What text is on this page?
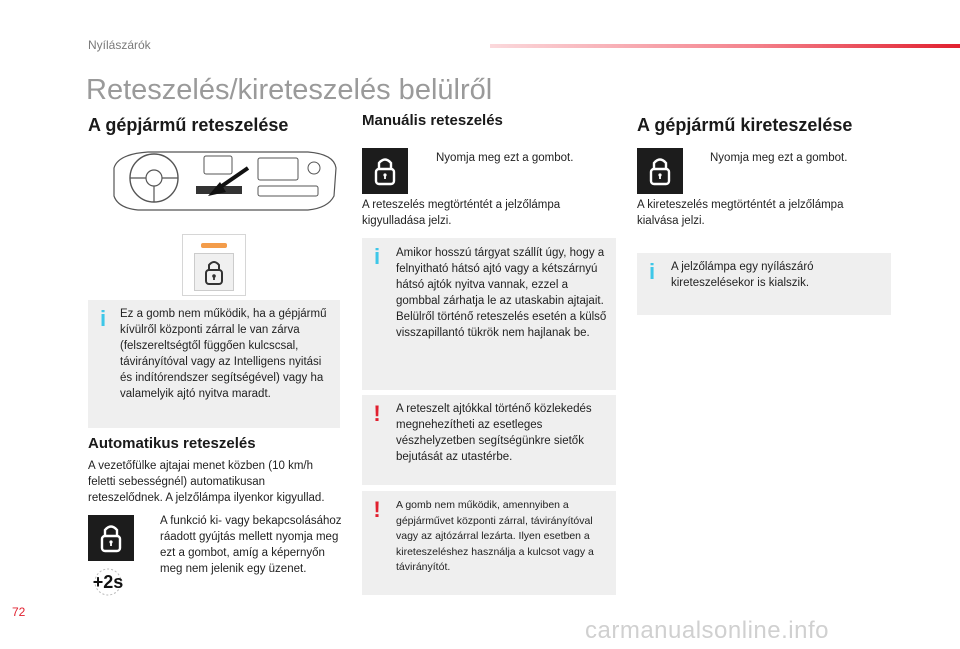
Nyílászárók
Reteszelés/kireteszelés belülről
A gépjármű reteszelése
i	Ez a gomb nem működik, ha a gépjármű kívülről központi zárral le van zárva (felszereltségtől függően kulcscsal, távirányítóval vagy az Intelligens nyitási és indítórendszer segítségével) vagy ha valamelyik ajtó nyitva maradt.
Automatikus reteszelés
A vezetőfülke ajtajai menet közben (10 km/h feletti sebességnél) automatikusan reteszelődnek. A jelzőlámpa ilyenkor kigyullad.
+2s
A funkció ki- vagy bekapcsolásához ráadott gyújtás mellett nyomja meg ezt a gombot, amíg a képernyőn meg nem jelenik egy üzenet.
Manuális reteszelés
Nyomja meg ezt a gombot.
A reteszelés megtörténtét a jelzőlámpa kigyulladása jelzi.
i	Amikor hosszú tárgyat szállít úgy, hogy a felnyitható hátsó ajtó vagy a kétszárnyú hátsó ajtók nyitva vannak, ezzel a gombbal zárhatja le az utaskabin ajtajait.
Belülről történő reteszelés esetén a külső visszapillantó tükrök nem hajlanak be.
! A reteszelt ajtókkal történő közlekedés megnehezítheti az esetleges vészhelyzetben segítségünkre sietők bejutását az utastérbe.
!	A gomb nem működik, amennyiben a gépjárművet központi zárral, távirányítóval vagy az ajtózárral lezárta. Ilyen esetben a kireteszeléshez használja a kulcsot vagy a távirányítót.
A gépjármű kireteszelése
Nyomja meg ezt a gombot.
A kireteszelés megtörténtét a jelzőlámpa kialvása jelzi.
i	A jelzőlámpa egy nyílászáró kireteszelésekor is kialszik.
72
carmanualsonline.info
